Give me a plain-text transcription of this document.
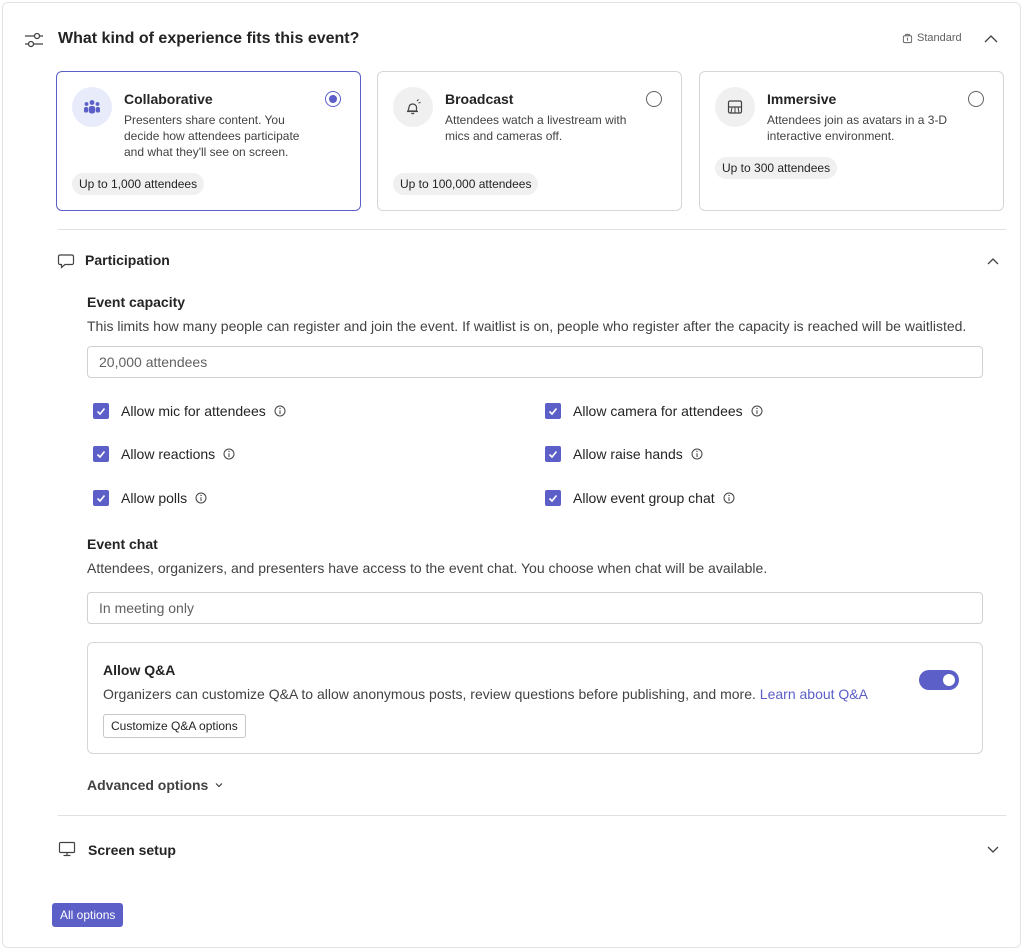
What kind of experience fits this event?	Standard
Collaborative
Presenters share content. You decide how attendees participate and what they'll see on screen.
Up to 1,000 attendees
Broadcast
Attendees watch a livestream with mics and cameras off.
Up to 100,000 attendees
Immersive
Attendees join as avatars in a 3-D interactive environment.
Up to 300 attendees
Participation
Event capacity
This limits how many people can register and join the event. If waitlist is on, people who register after the capacity is reached will be waitlisted.
20,000 attendees
Allow mic for attendees	Allow camera for attendees
Allow reactions	Allow raise hands
Allow polls	Allow event group chat
Event chat
Attendees, organizers, and presenters have access to the event chat. You choose when chat will be available.
In meeting only
Allow Q&A
Organizers can customize Q&A to allow anonymous posts, review questions before publishing, and more. Learn about Q&A
Customize Q&A options
Advanced options
Screen setup
All options
